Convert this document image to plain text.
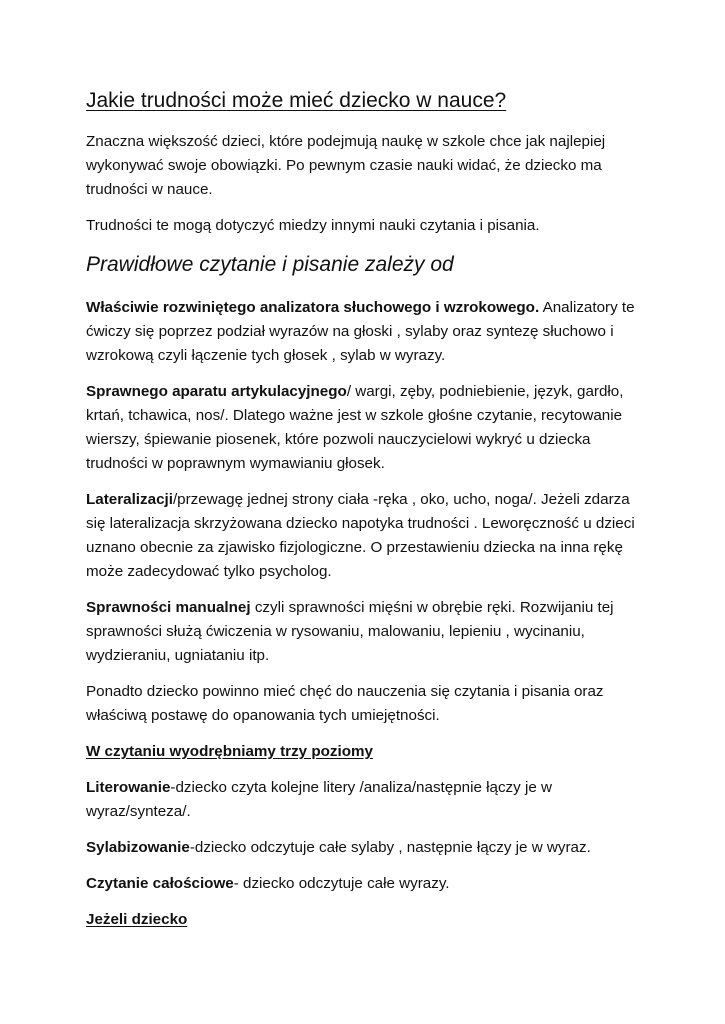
Jakie trudności może mieć dziecko w nauce?

Znaczna większość dzieci, które podejmują naukę w szkole chce jak najlepiej wykonywać swoje obowiązki. Po pewnym czasie nauki widać, że dziecko ma trudności w nauce.

Trudności te mogą dotyczyć miedzy innymi nauki czytania i pisania.

Prawidłowe czytanie i pisanie zależy od

Właściwie rozwiniętego analizatora słuchowego i wzrokowego. Analizatory te ćwiczy się poprzez podział wyrazów na głoski , sylaby oraz syntezę słuchowo i wzrokową czyli łączenie tych głosek , sylab w wyrazy.

Sprawnego aparatu artykulacyjnego/ wargi, zęby, podniebienie, język, gardło, krtań, tchawica, nos/. Dlatego ważne jest w szkole głośne czytanie, recytowanie wierszy, śpiewanie piosenek, które pozwoli nauczycielowi wykryć u dziecka trudności w poprawnym wymawianiu głosek.

Lateralizacji/przewagę jednej strony ciała -ręka , oko, ucho, noga/. Jeżeli zdarza się lateralizacja skrzyżowana dziecko napotyka trudności . Leworęczność u dzieci uznano obecnie za zjawisko fizjologiczne. O przestawieniu dziecka na inna rękę może zadecydować tylko psycholog.

Sprawności manualnej czyli sprawności mięśni w obrębie ręki. Rozwijaniu tej sprawności służą ćwiczenia w rysowaniu, malowaniu, lepieniu , wycinaniu, wydzieraniu, ugniataniu itp.

Ponadto dziecko powinno mieć chęć do nauczenia się czytania i pisania oraz właściwą postawę do opanowania tych umiejętności.

W czytaniu wyodrębniamy trzy poziomy

Literowanie-dziecko czyta kolejne litery /analiza/następnie łączy je w wyraz/synteza/.

Sylabizowanie-dziecko odczytuje całe sylaby , następnie łączy je w wyraz.

Czytanie całościowe- dziecko odczytuje całe wyrazy.

Jeżeli dziecko
